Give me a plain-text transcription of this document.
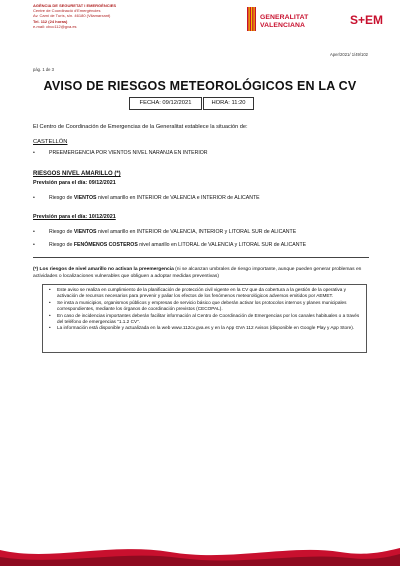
AGÈNCIA DE SEGURETAT I EMERGÈNCIES
Centre de Coordinació d'Emergències
Av. Camí de Turís, s/n. 46180 (Vilamarxant)
Tel. 112 (24 horas)
e-mail: cbcc112@gva.es
GENERALITAT
VALENCIANA	S+EM
Aper/2021/ 1/49/102
pág. 1 de 3
AVISO DE RIESGOS METEOROLÓGICOS EN LA CV
FECHA: 09/12/2021	HORA: 11:20
El Centro de Coordinación de Emergencias de la Generalitat establece la situación de:
CASTELLÓN
•	PREEMERGENCIA POR VIENTOS NIVEL NARANJA EN INTERIOR
RIESGOS NIVEL AMARILLO (*)
Previsión para el día: 09/12/2021
•	Riesgo de VIENTOS nivel amarillo en INTERIOR de VALENCIA e INTERIOR de ALICANTE
Previsión para el día: 10/12/2021
•	Riesgo de VIENTOS nivel amarillo en INTERIOR de VALENCIA, INTERIOR y LITORAL SUR de ALICANTE
•	Riesgo de FENÓMENOS COSTEROS nivel amarillo en LITORAL de VALENCIA y LITORAL SUR de ALICANTE
(*) Los riesgos de nivel amarillo no activan la preemergencia (ni se alcanzan umbrales de riesgo importante, aunque pueden generar problemas en actividades o localizaciones vulnerables que obliguen a adoptar medidas preventivas)
• Este aviso se realiza en cumplimiento de la planificación de protección civil vigente en la CV que da cobertura a la gestión de la operativa y activación de recursos necesarios para prevenir y paliar los efectos de los fenómenos meteorológicos adversos emitidos por AEMET.
• Se insta a municipios, organismos públicos y empresas de servicio básico que deberán activar los protocolos internos y planes municipales correspondientes, mediante los órganos de coordinación previstos (CECOPAL).
• En caso de incidencias importantes deberán facilitar información al Centro de Coordinación de Emergencias por los canales habituales o a través del teléfono de emergencias "1.1.2 CV".
• La información está disponible y actualizada en la web www.112cv.gva.es y en la App GVA 112 Avisos (disponible en Google Play y App Store).
